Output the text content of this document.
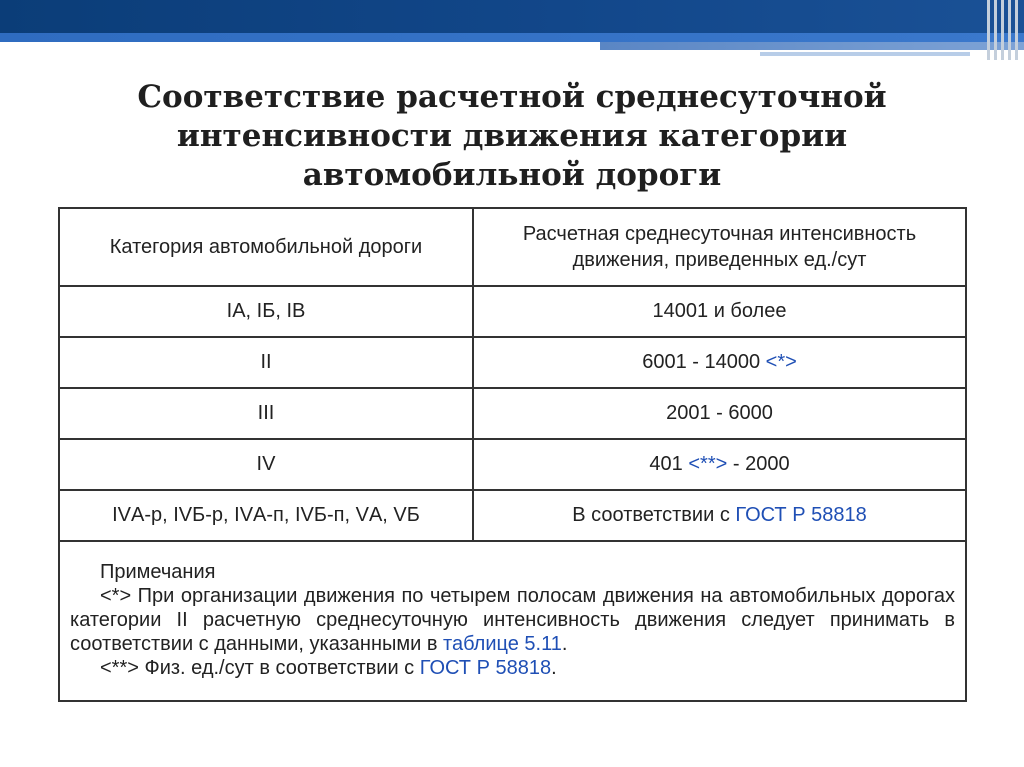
Соответствие расчетной среднесуточной
интенсивности движения категории
автомобильной дороги
Категория автомобильной дороги	Расчетная среднесуточная интенсивность
движения, приведенных ед./сут
IА, IБ, IВ	14001 и более
II	6001 - 14000 <*>
III	2001 - 6000
IV	401 <**> - 2000
IVА-р, IVБ-р, IVА-п, IVБ-п, VА, VБ	В соответствии с ГОСТ Р 58818

Примечания
<*> При организации движения по четырем полосам движения на автомобильных дорогах категории II расчетную среднесуточную интенсивность движения следует принимать в соответствии с данными, указанными в таблице 5.11.
<**> Физ. ед./сут в соответствии с ГОСТ Р 58818.	
